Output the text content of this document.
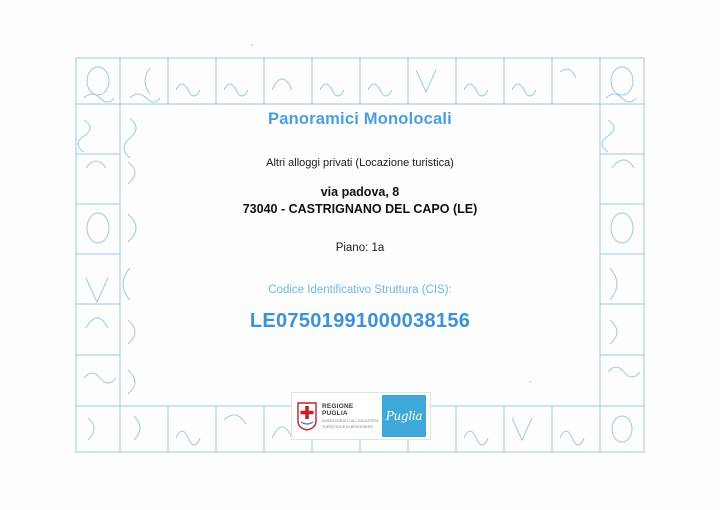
Panoramici Monolocali
Altri alloggi privati (Locazione turistica)
via padova, 8
73040 - CASTRIGNANO DEL CAPO (LE)
Piano: 1a
Codice Identificativo Struttura (CIS):
LE07501991000038156
REGIONE PUGLIA
ASSESSORATO ALL'INDUSTRIA
TURISTICA E ALBERGHIERA
Puglia
